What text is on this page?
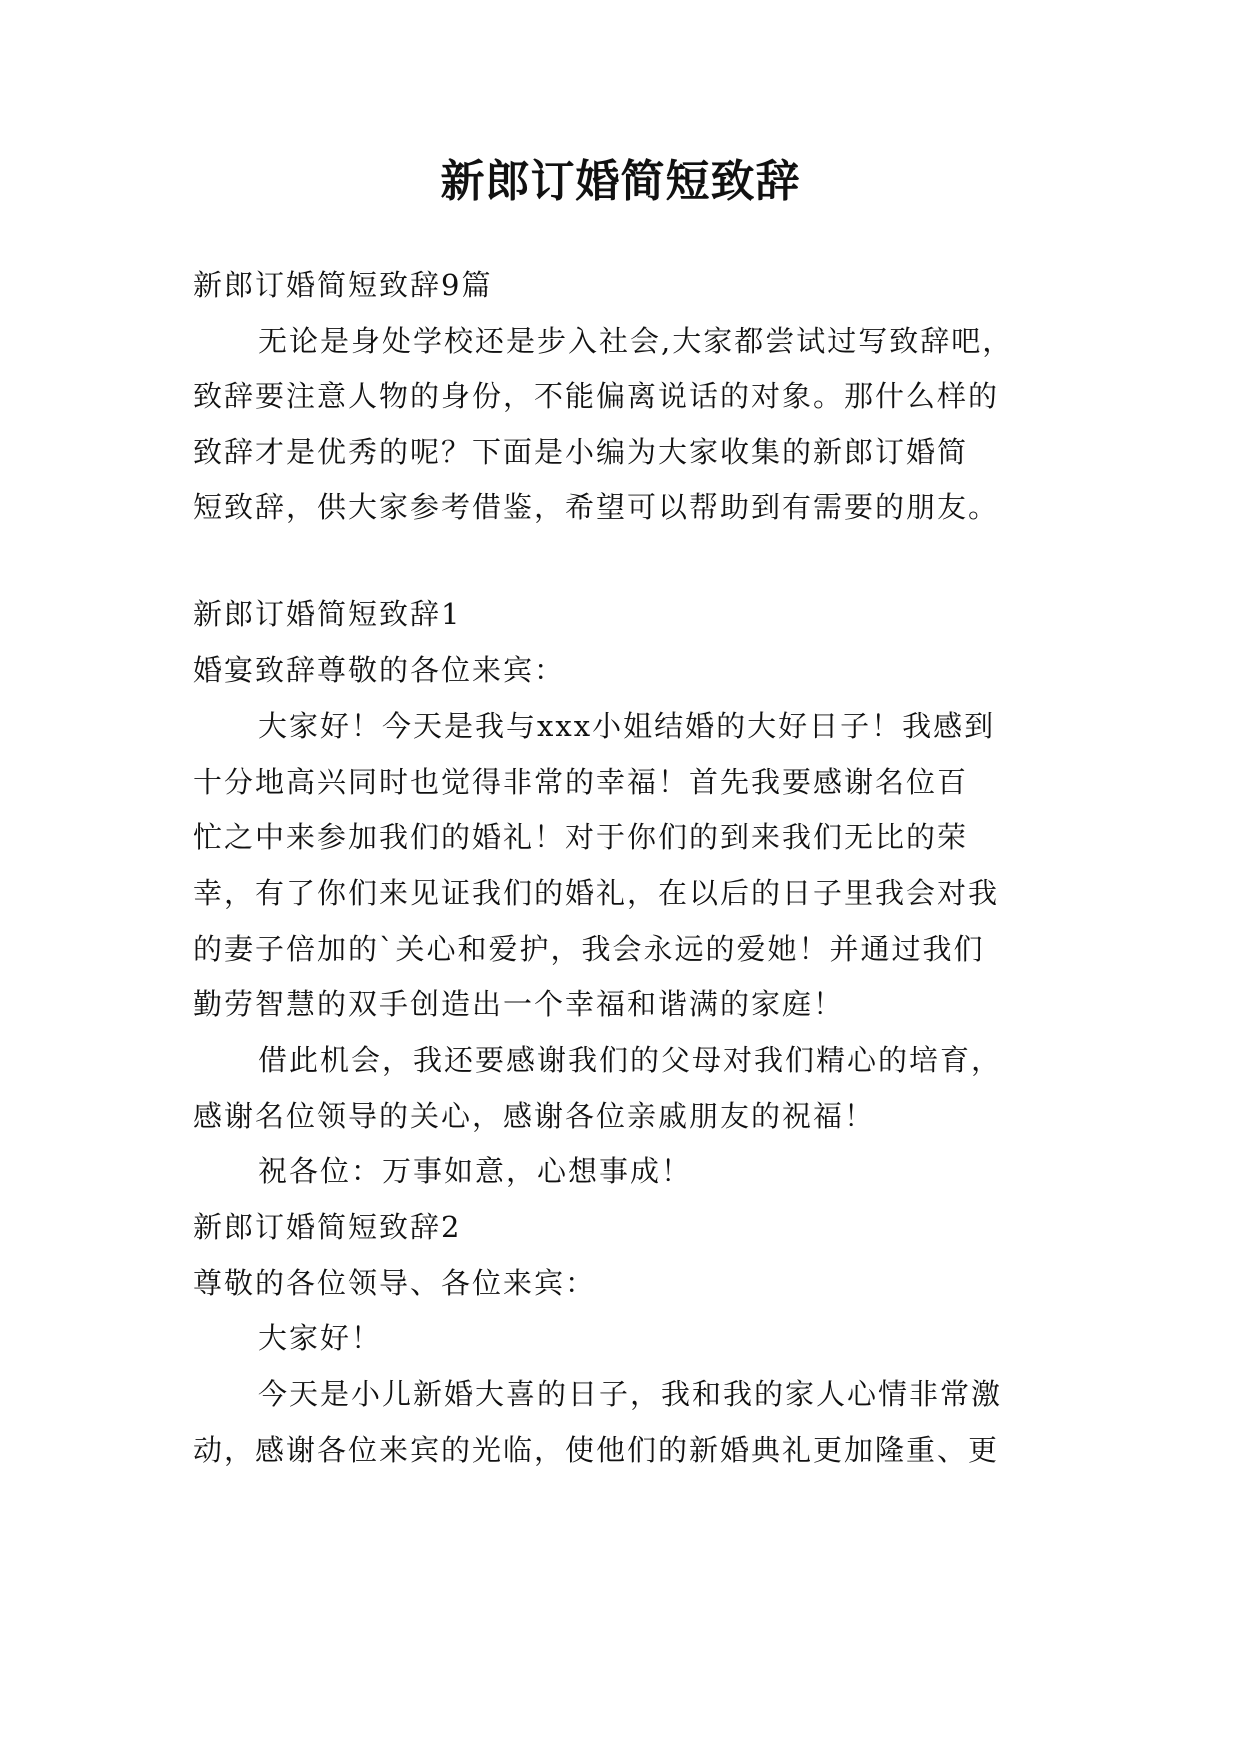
新郎订婚简短致辞
新郎订婚简短致辞9篇
无论是身处学校还是步入社会,大家都尝试过写致辞吧，
致辞要注意人物的身份，不能偏离说话的对象。那什么样的
致辞才是优秀的呢？下面是小编为大家收集的新郎订婚简
短致辞，供大家参考借鉴，希望可以帮助到有需要的朋友。
新郎订婚简短致辞1
婚宴致辞尊敬的各位来宾：
大家好！今天是我与xxx小姐结婚的大好日子！我感到
十分地高兴同时也觉得非常的幸福！首先我要感谢名位百
忙之中来参加我们的婚礼！对于你们的到来我们无比的荣
幸，有了你们来见证我们的婚礼，在以后的日子里我会对我
的妻子倍加的`关心和爱护，我会永远的爱她！并通过我们
勤劳智慧的双手创造出一个幸福和谐满的家庭！
借此机会，我还要感谢我们的父母对我们精心的培育，
感谢名位领导的关心，感谢各位亲戚朋友的祝福！
祝各位：万事如意，心想事成！
新郎订婚简短致辞2
尊敬的各位领导、各位来宾：
大家好！
今天是小儿新婚大喜的日子，我和我的家人心情非常激
动，感谢各位来宾的光临，使他们的新婚典礼更加隆重、更
